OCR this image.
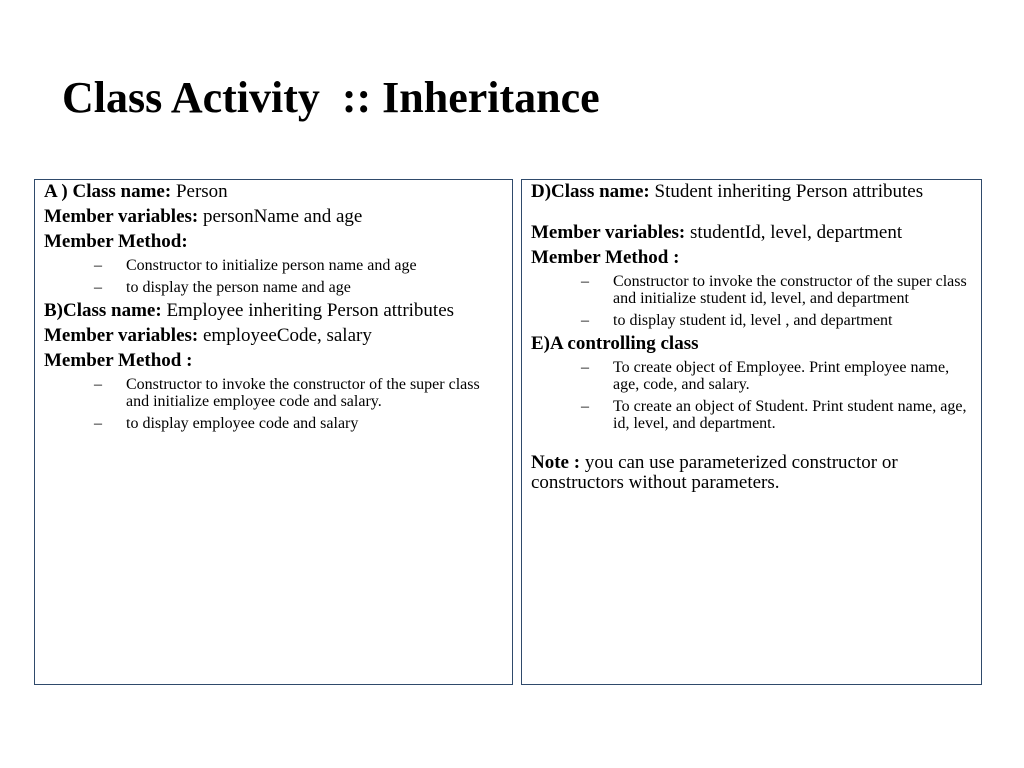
Class Activity  :: Inheritance

A ) Class name: Person

Member variables: personName and age

Member Method:

– Constructor to initialize person name and age
– to display the person name and age

B)Class name: Employee inheriting Person attributes

Member variables: employeeCode, salary

Member Method :

– Constructor to invoke the constructor of the super class and initialize employee code and salary.
– to display employee code and salary

D)Class name: Student inheriting Person attributes

Member variables: studentId, level, department

Member Method :

– Constructor to invoke the constructor of the super class and initialize student id, level, and department
– to display student id, level , and department

E)A controlling class

– To create object of Employee. Print employee name, age, code, and salary.
– To create an object of Student. Print student name, age, id, level, and department.

Note : you can use parameterized constructor or constructors without parameters.
